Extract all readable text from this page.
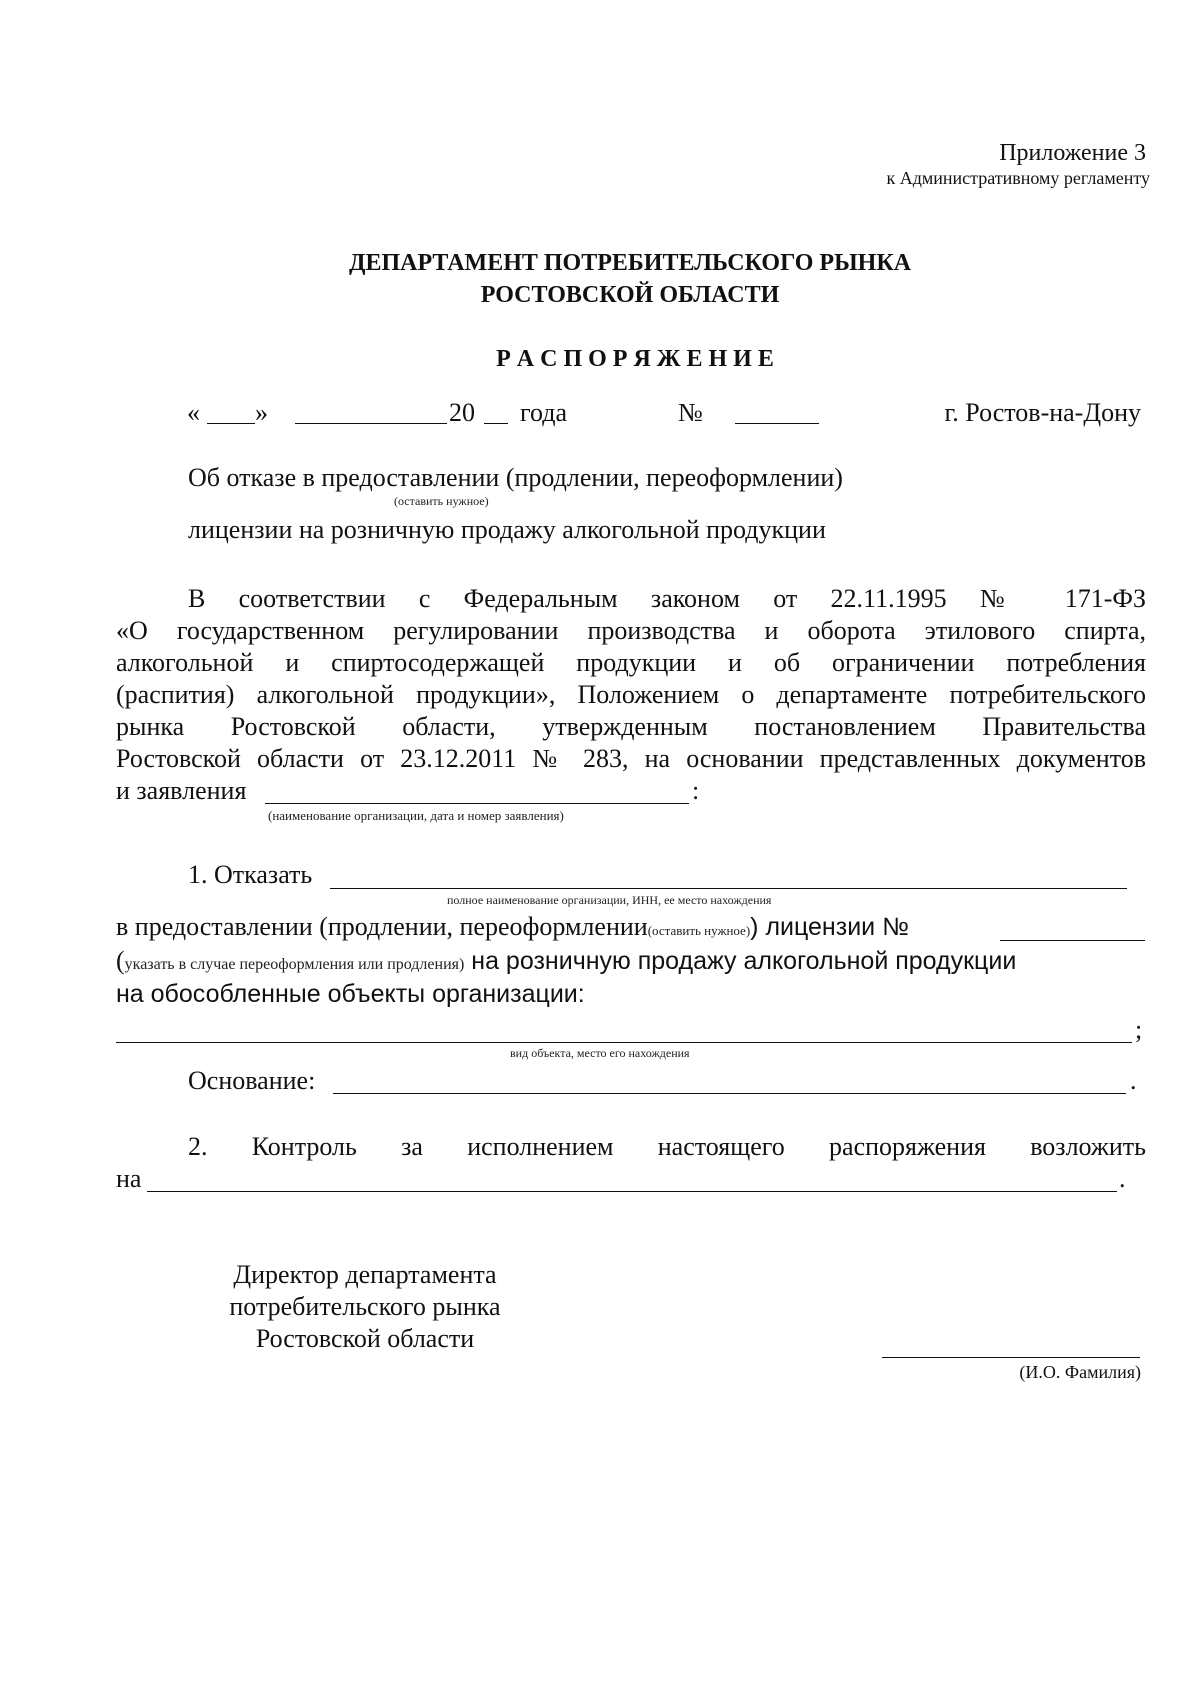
Приложение 3
к Административному регламенту
ДЕПАРТАМЕНТ ПОТРЕБИТЕЛЬСКОГО РЫНКА
РОСТОВСКОЙ ОБЛАСТИ
Р А С П О Р Я Ж Е Н И Е
« »	20 года	№	г. Ростов-на-Дону
Об отказе в предоставлении (продлении, переоформлении)
(оставить нужное)
лицензии на розничную продажу алкогольной продукции
В соответствии с Федеральным законом от 22.11.1995 № 171-ФЗ
«О государственном регулировании производства и оборота этилового спирта,
алкогольной и спиртосодержащей продукции и об ограничении потребления
(распития) алкогольной продукции», Положением о департаменте потребительского
рынка Ростовской области, утвержденным постановлением Правительства
Ростовской области от 23.12.2011 № 283, на основании представленных документов
и заявления	:
(наименование организации, дата и номер заявления)
1. Отказать
полное наименование организации, ИНН, ее место нахождения
в предоставлении (продлении, переоформлении(оставить нужное)) лицензии №
(указать в случае переоформления или продления) на розничную продажу алкогольной продукции
на обособленные объекты организации:
;
вид объекта, место его нахождения
Основание:	.
2. Контроль за исполнением настоящего распоряжения возложить
на	.
Директор департамента
потребительского рынка
Ростовской области
(И.О. Фамилия)
